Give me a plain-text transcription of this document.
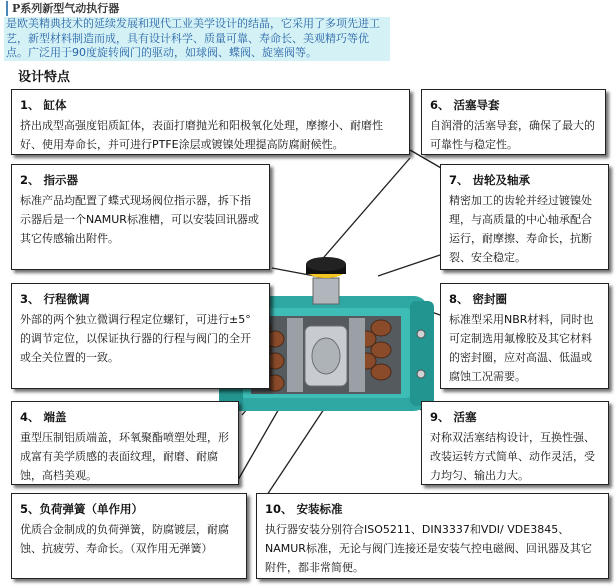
P系列新型气动执行器
是欧美精典技术的延续发展和现代工业美学设计的结晶，它采用了多项先进工艺，新型材料制造而成，具有设计科学、质量可靠、寿命长、美观精巧等优点。广泛用于90度旋转阀门的驱动，如球阀、蝶阀、旋塞阀等。
设计特点
1、 缸体
挤出成型高强度铝质缸体，表面打磨抛光和阳极氧化处理，摩擦小、耐磨性好、使用寿命长，并可进行PTFE涂层或镀镍处理提高防腐耐候性。
2、 指示器
标准产品均配置了蝶式现场阀位指示器，拆下指示器后是一个NAMUR标准槽，可以安装回讯器或其它传感输出附件。
3、 行程微调
外部的两个独立微调行程定位螺钉，可进行±5°的调节定位，以保证执行器的行程与阀门的全开或全关位置的一致。
4、 端盖
重型压制铝质端盖，环氧聚酯喷塑处理，形成富有美学质感的表面纹理，耐磨、耐腐蚀，高档美观。
5、负荷弹簧（单作用）
优质合金制成的负荷弹簧，防腐镀层，耐腐蚀、抗疲劳、寿命长。（双作用无弹簧）
6、 活塞导套
自润滑的活塞导套，确保了最大的可靠性与稳定性。
7、 齿轮及轴承
精密加工的齿轮并经过镀镍处理，与高质量的中心轴承配合运行，耐摩擦、寿命长，抗断裂、安全稳定。
8、 密封圈
标准型采用NBR材料，同时也可定制选用氟橡胶及其它材料的密封圈，应对高温、低温或腐蚀工况需要。
9、 活塞
对称双活塞结构设计，互换性强、改装运转方式简单、动作灵活，受力均匀、输出力大。
10、 安装标准
执行器安装分别符合ISO5211、DIN3337和VDI/ VDE3845、NAMUR标准，无论与阀门连接还是安装气控电磁阀、回讯器及其它附件，都非常简便。
